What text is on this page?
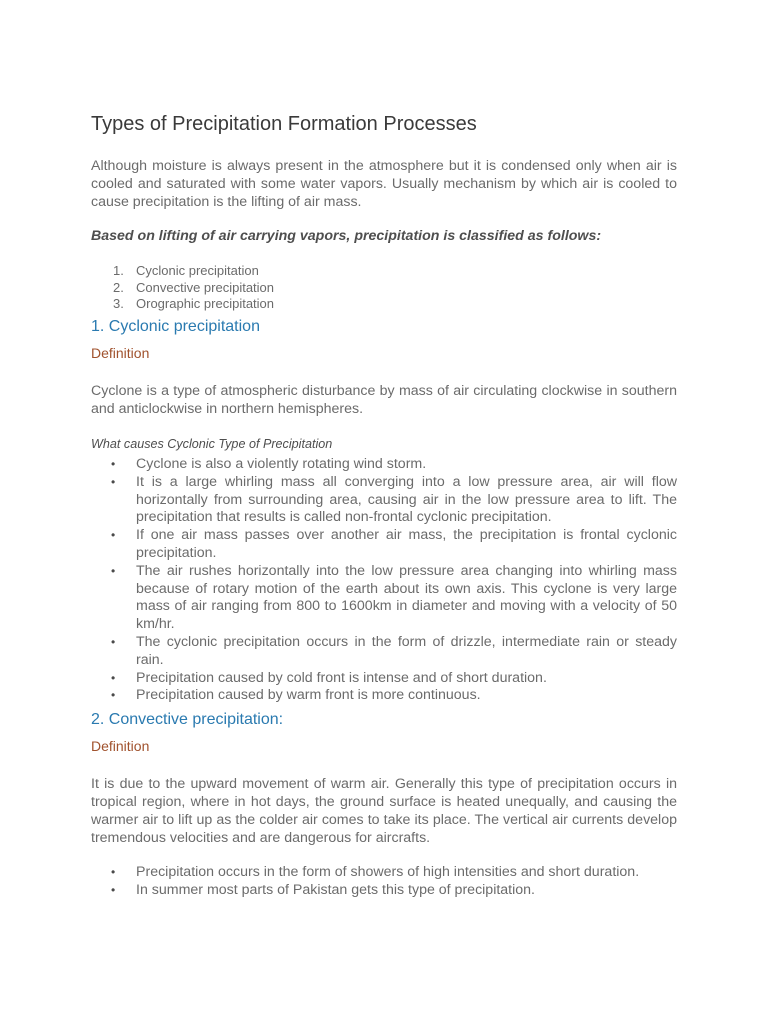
Types of Precipitation Formation Processes

Although moisture is always present in the atmosphere but it is condensed only when air is cooled and saturated with some water vapors. Usually mechanism by which air is cooled to cause precipitation is the lifting of air mass.

Based on lifting of air carrying vapors, precipitation is classified as follows:

1. Cyclonic precipitation
2. Convective precipitation
3. Orographic precipitation
1. Cyclonic precipitation

Definition

Cyclone is a type of atmospheric disturbance by mass of air circulating clockwise in southern and anticlockwise in northern hemispheres.

What causes Cyclonic Type of Precipitation

• Cyclone is also a violently rotating wind storm.
• It is a large whirling mass all converging into a low pressure area, air will flow horizontally from surrounding area, causing air in the low pressure area to lift. The precipitation that results is called non-frontal cyclonic precipitation.
• If one air mass passes over another air mass, the precipitation is frontal cyclonic precipitation.
• The air rushes horizontally into the low pressure area changing into whirling mass because of rotary motion of the earth about its own axis. This cyclone is very large mass of air ranging from 800 to 1600km in diameter and moving with a velocity of 50 km/hr.
• The cyclonic precipitation occurs in the form of drizzle, intermediate rain or steady rain.
• Precipitation caused by cold front is intense and of short duration.
• Precipitation caused by warm front is more continuous.
2. Convective precipitation:

Definition

It is due to the upward movement of warm air. Generally this type of precipitation occurs in tropical region, where in hot days, the ground surface is heated unequally, and causing the warmer air to lift up as the colder air comes to take its place. The vertical air currents develop tremendous velocities and are dangerous for aircrafts.

• Precipitation occurs in the form of showers of high intensities and short duration.
• In summer most parts of Pakistan gets this type of precipitation.
